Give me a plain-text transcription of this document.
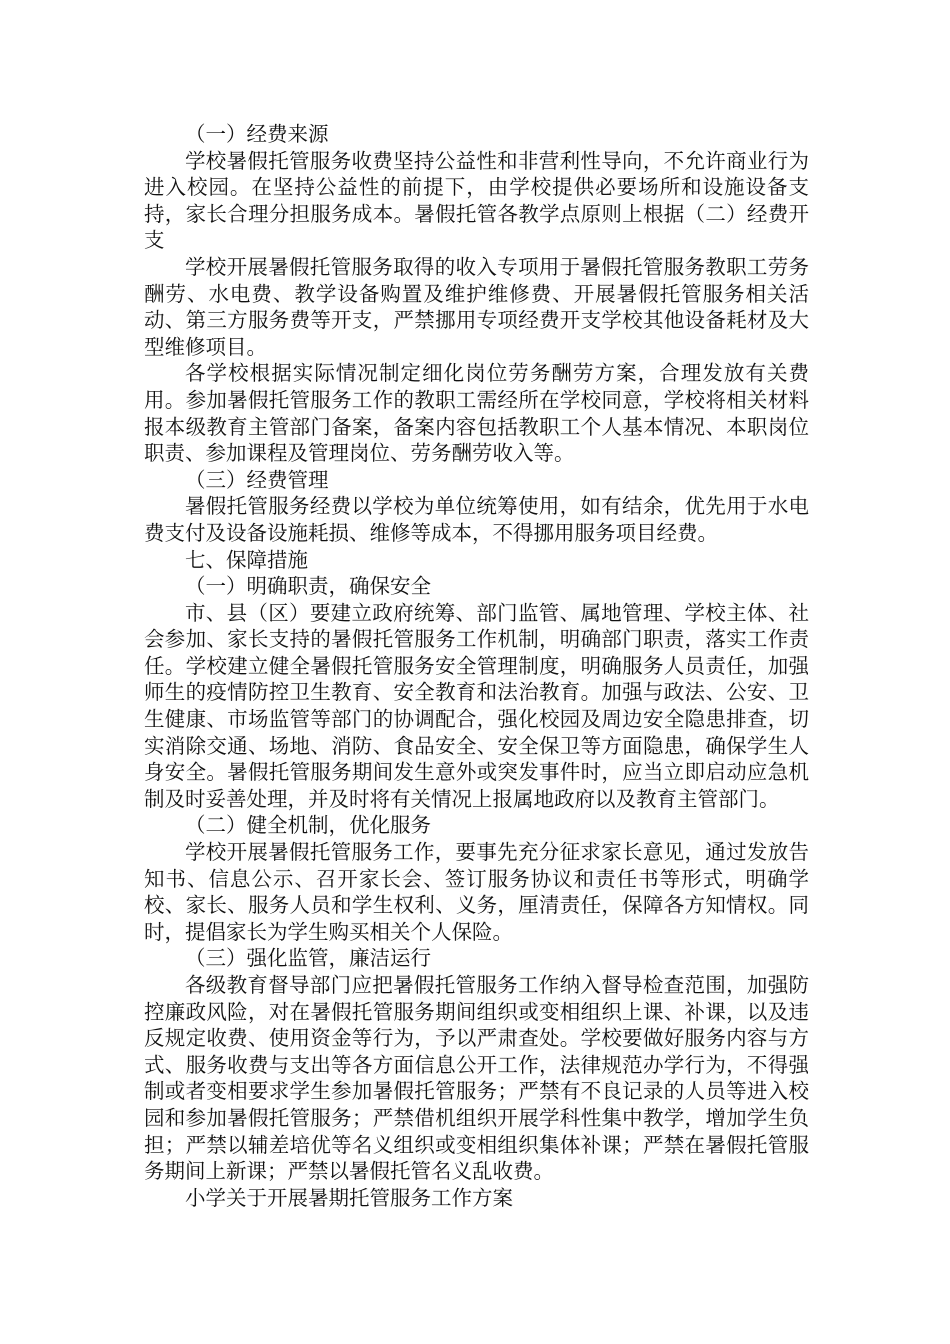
（一）经费来源

学校暑假托管服务收费坚持公益性和非营利性导向，不允许商业行为进入校园。在坚持公益性的前提下，由学校提供必要场所和设施设备支持，家长合理分担服务成本。暑假托管各教学点原则上根据（二）经费开支

学校开展暑假托管服务取得的收入专项用于暑假托管服务教职工劳务酬劳、水电费、教学设备购置及维护维修费、开展暑假托管服务相关活动、第三方服务费等开支，严禁挪用专项经费开支学校其他设备耗材及大型维修项目。

各学校根据实际情况制定细化岗位劳务酬劳方案，合理发放有关费用。参加暑假托管服务工作的教职工需经所在学校同意，学校将相关材料报本级教育主管部门备案，备案内容包括教职工个人基本情况、本职岗位职责、参加课程及管理岗位、劳务酬劳收入等。

（三）经费管理

暑假托管服务经费以学校为单位统筹使用，如有结余，优先用于水电费支付及设备设施耗损、维修等成本，不得挪用服务项目经费。

七、保障措施

（一）明确职责，确保安全

市、县（区）要建立政府统筹、部门监管、属地管理、学校主体、社会参加、家长支持的暑假托管服务工作机制，明确部门职责，落实工作责任。学校建立健全暑假托管服务安全管理制度，明确服务人员责任，加强师生的疫情防控卫生教育、安全教育和法治教育。加强与政法、公安、卫生健康、市场监管等部门的协调配合，强化校园及周边安全隐患排查，切实消除交通、场地、消防、食品安全、安全保卫等方面隐患，确保学生人身安全。暑假托管服务期间发生意外或突发事件时，应当立即启动应急机制及时妥善处理，并及时将有关情况上报属地政府以及教育主管部门。

（二）健全机制，优化服务

学校开展暑假托管服务工作，要事先充分征求家长意见，通过发放告知书、信息公示、召开家长会、签订服务协议和责任书等形式，明确学校、家长、服务人员和学生权利、义务，厘清责任，保障各方知情权。同时，提倡家长为学生购买相关个人保险。

（三）强化监管，廉洁运行

各级教育督导部门应把暑假托管服务工作纳入督导检查范围，加强防控廉政风险，对在暑假托管服务期间组织或变相组织上课、补课，以及违反规定收费、使用资金等行为，予以严肃查处。学校要做好服务内容与方式、服务收费与支出等各方面信息公开工作，法律规范办学行为，不得强制或者变相要求学生参加暑假托管服务；严禁有不良记录的人员等进入校园和参加暑假托管服务；严禁借机组织开展学科性集中教学，增加学生负担；严禁以辅差培优等名义组织或变相组织集体补课；严禁在暑假托管服务期间上新课；严禁以暑假托管名义乱收费。

小学关于开展暑期托管服务工作方案
